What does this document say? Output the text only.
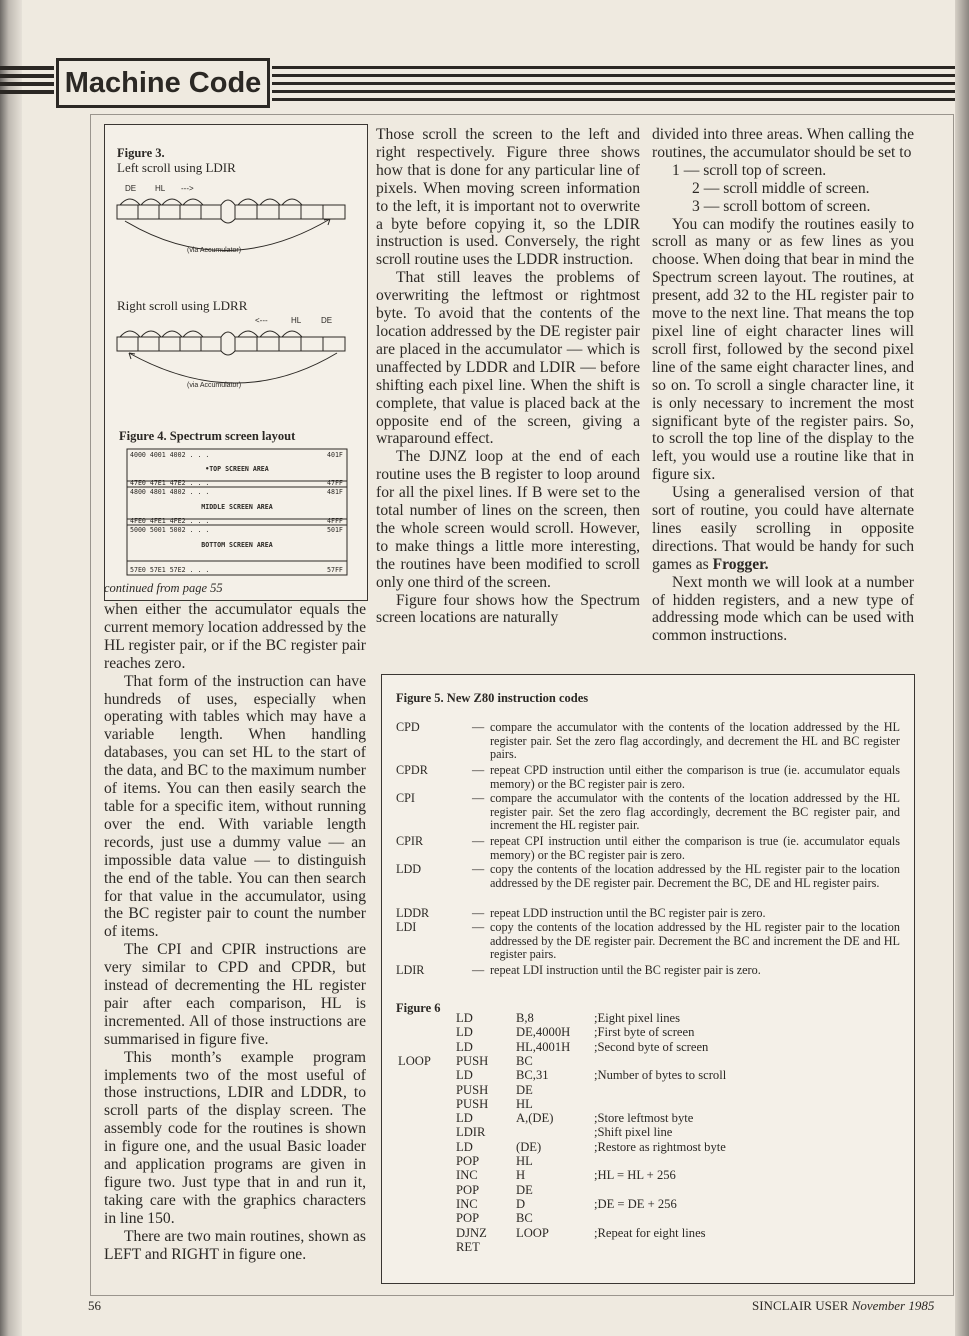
Machine Code
Figure 3.
Left scroll using LDIR
DE HL --->
(via Accumulator)
Right scroll using LDRR
<---	HL DE
(via Accumulator)
Figure 4. Spectrum screen layout
4000 4001 4002 . . .	401F
•TOP SCREEN AREA
47E0 47E1 47E2 . . .	47FF
4800 4801 4802 . . .	481F
MIDDLE SCREEN AREA
4FE0 4FE1 4FE2 . . .	4FFF
5000 5001 5002 . . .	501F
BOTTOM SCREEN AREA
57E0 57E1 57E2 . . .	57FF
continued from page 55

when either the accumulator equals the current memory location addressed by the HL register pair, or if the BC register pair reaches zero.

That form of the instruction can have hundreds of uses, especially when operating with tables which may have a variable length. When handling databases, you can set HL to the start of the data, and BC to the maximum number of items. You can then easily search the table for a specific item, without running over the end. With variable length records, just use a dummy value — an impossible data value — to distinguish the end of the table. You can then search for that value in the accumulator, using the BC register pair to count the number of items.

The CPI and CPIR instructions are very similar to CPD and CPDR, but instead of decrementing the HL register pair after each comparison, HL is incremented. All of those instructions are summarised in figure five.

This month’s example program implements two of the most useful of those instructions, LDIR and LDDR, to scroll parts of the display screen. The assembly code for the routines is shown in figure one, and the usual Basic loader and application programs are given in figure two. Just type that in and run it, taking care with the graphics characters in line 150.

There are two main routines, shown as LEFT and RIGHT in figure one.

Those scroll the screen to the left and right respectively. Figure three shows how that is done for any particular line of pixels. When moving screen information to the left, it is important not to overwrite a byte before copying it, so the LDIR instruction is used. Conversely, the right scroll routine uses the LDDR instruction.

That still leaves the problems of overwriting the leftmost or rightmost byte. To avoid that the contents of the location addressed by the DE register pair are placed in the accumulator — which is unaffected by LDDR and LDIR — before shifting each pixel line. When the shift is complete, that value is placed back at the opposite end of the screen, giving a wraparound effect.

The DJNZ loop at the end of each routine uses the B register to loop around for all the pixel lines. If B were set to the total number of lines on the screen, then the whole screen would scroll. However, to make things a little more interesting, the routines have been modified to scroll only one third of the screen.

Figure four shows how the Spectrum screen locations are naturally

divided into three areas. When calling the routines, the accumulator should be set to

1 — scroll top of screen.

2 — scroll middle of screen.

3 — scroll bottom of screen.

You can modify the routines easily to scroll as many or as few lines as you choose. When doing that bear in mind the Spectrum screen layout. The routines, at present, add 32 to the HL register pair to move to the next line. That means the top pixel line of eight character lines will scroll first, followed by the second pixel line of the same eight character lines, and so on. To scroll a single character line, it is only necessary to increment the most significant byte of the register pairs. So, to scroll the top line of the display to the left, you would use a routine like that in figure six.

Using a generalised version of that sort of routine, you could have alternate lines easily scrolling in opposite directions. That would be handy for such games as Frogger.

Next month we will look at a number of hidden registers, and a new type of addressing mode which can be used with common instructions.

Figure 5. New Z80 instruction codes
CPD	— compare the accumulator with the contents of the location addressed by the HL register pair. Set the zero flag accordingly, and decrement the HL and BC register pairs.
CPDR	— repeat CPD instruction until either the comparison is true (ie. accumulator equals memory) or the BC register pair is zero.
CPI	— compare the accumulator with the contents of the location addressed by the HL register pair. Set the zero flag accordingly, decrement the BC register pair, and increment the HL register pair.
CPIR	— repeat CPI instruction until either the comparison is true (ie. accumulator equals memory) or the BC register pair is zero.
LDD	— copy the contents of the location addressed by the HL register pair to the location addressed by the DE register pair. Decrement the BC, DE and HL register pairs.
LDDR	— repeat LDD instruction until the BC register pair is zero.
LDI	— copy the contents of the location addressed by the HL register pair to the location addressed by the DE register pair. Decrement the BC and increment the DE and HL register pairs.
LDIR	— repeat LDI instruction until the BC register pair is zero.
Figure 6
LD	B,8	;Eight pixel lines
LD	DE,4000H ;First byte of screen
LD	HL,4001H ;Second byte of screen
LOOP PUSH BC
LD	BC,31	;Number of bytes to scroll
PUSH DE
PUSH HL
LD	A,(DE)	;Store leftmost byte
LDIR	;Shift pixel line
LD	(DE)	;Restore as rightmost byte
POP	HL
INC	H	;HL = HL + 256
POP	DE
INC	D	;DE = DE + 256
POP	BC
DJNZ LOOP	;Repeat for eight lines
RET
56	SINCLAIR USER November 1985
